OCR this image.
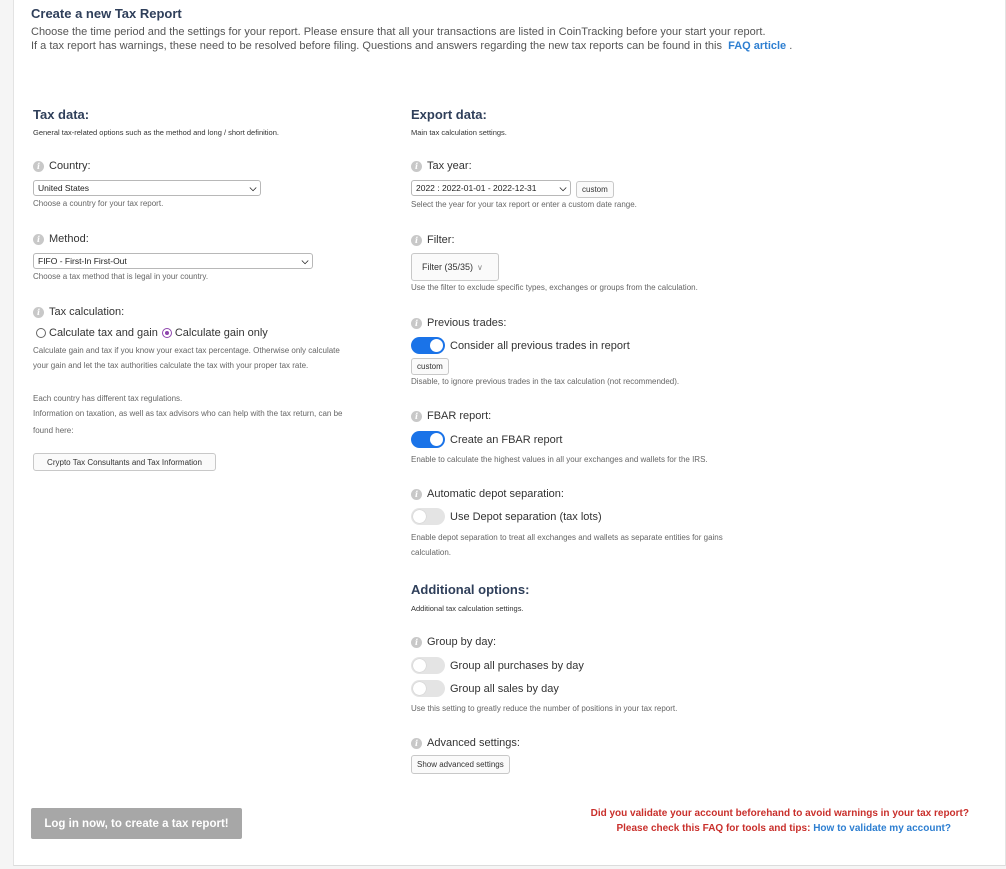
Create a new Tax Report
Choose the time period and the settings for your report. Please ensure that all your transactions are listed in CoinTracking before your start your report.
If a tax report has warnings, these need to be resolved before filing. Questions and answers regarding the new tax reports can be found in this FAQ article .
Tax data:
General tax-related options such as the method and long / short definition.
i Country:
United States	⌵
Choose a country for your tax report.
i Method:
FIFO - First-In First-Out	⌵
Choose a tax method that is legal in your country.
i Tax calculation:
Calculate tax and gain Calculate gain only
Calculate gain and tax if you know your exact tax percentage. Otherwise only calculate
your gain and let the tax authorities calculate the tax with your proper tax rate.
Each country has different tax regulations.
Information on taxation, as well as tax advisors who can help with the tax return, can be
found here:
Crypto Tax Consultants and Tax Information
Export data:
Main tax calculation settings.
i Tax year:
2022 : 2022-01-01 - 2022-12-31	⌵	custom
Select the year for your tax report or enter a custom date range.
i Filter:
Filter (35/35) ∨
Use the filter to exclude specific types, exchanges or groups from the calculation.
i Previous trades:
Consider all previous trades in report
custom
Disable, to ignore previous trades in the tax calculation (not recommended).
i FBAR report:
Create an FBAR report
Enable to calculate the highest values in all your exchanges and wallets for the IRS.
i Automatic depot separation:
Use Depot separation (tax lots)
Enable depot separation to treat all exchanges and wallets as separate entities for gains
calculation.
Additional options:
Additional tax calculation settings.
i Group by day:
Group all purchases by day
Group all sales by day
Use this setting to greatly reduce the number of positions in your tax report.
i Advanced settings:
Show advanced settings
Log in now, to create a tax report!
Did you validate your account beforehand to avoid warnings in your tax report?
Please check this FAQ for tools and tips: How to validate my account?
